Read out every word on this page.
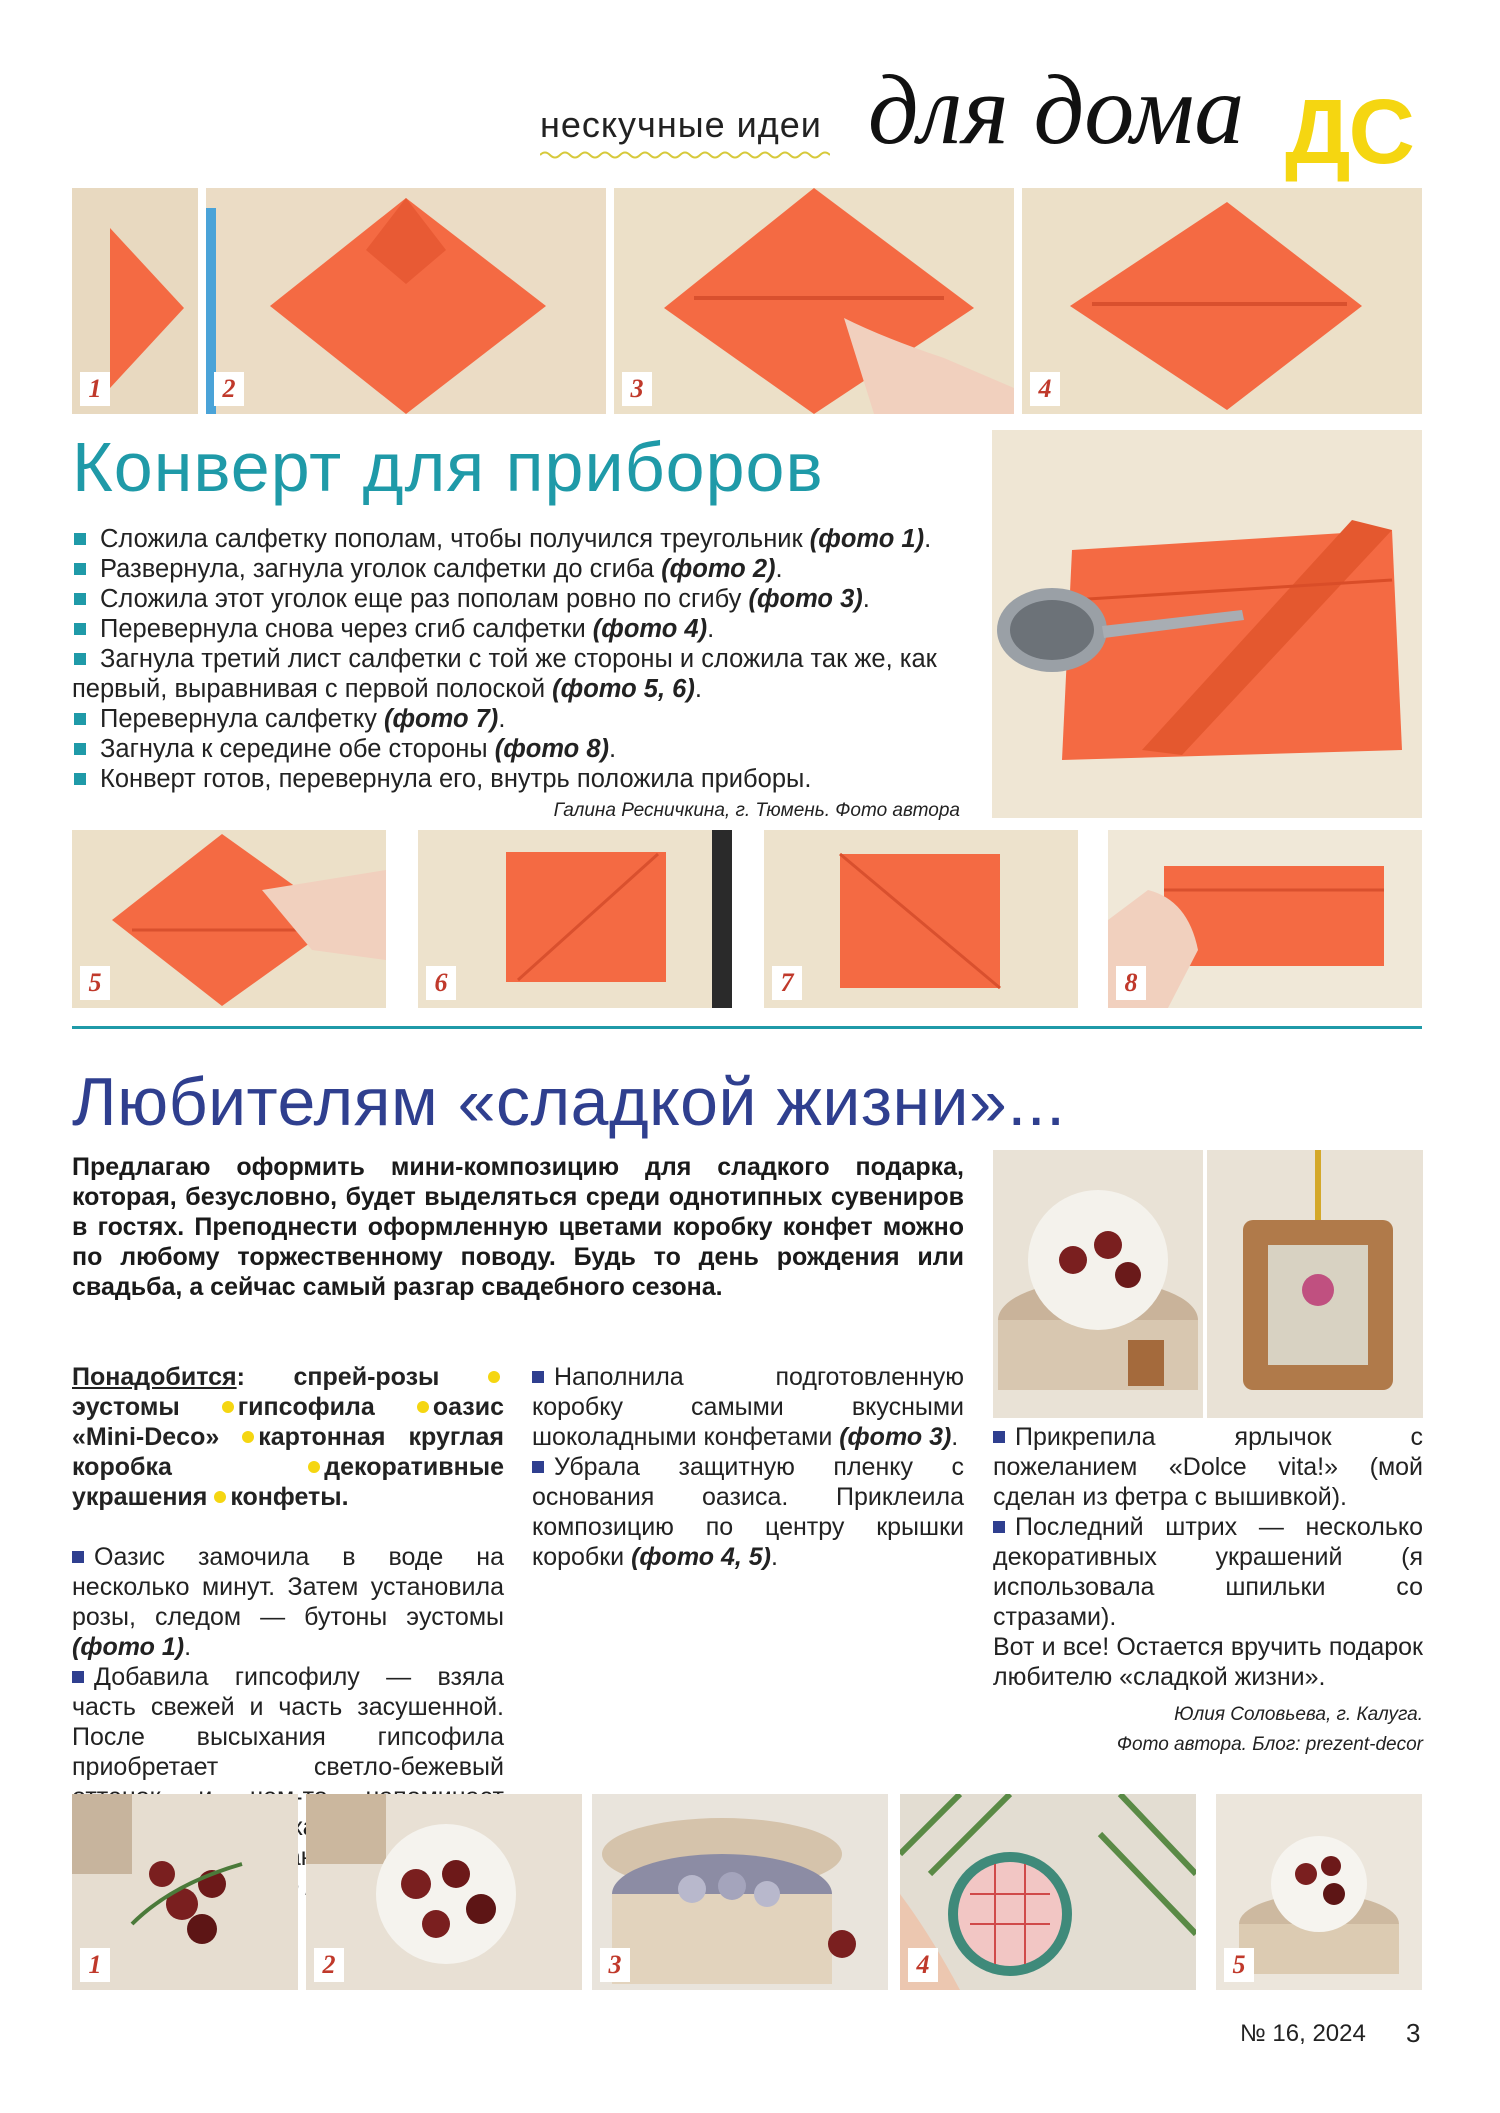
нескучные идеи для дома ДС
1	2	3	4
Конверт для приборов
Сложила салфетку пополам, чтобы получился треугольник (фото 1).
Развернула, загнула уголок салфетки до сгиба (фото 2).
Сложила этот уголок еще раз пополам ровно по сгибу (фото 3).
Перевернула снова через сгиб салфетки (фото 4).
Загнула третий лист салфетки с той же стороны и сложила так же, как первый, выравнивая с первой полоской (фото 5, 6).
Перевернула салфетку (фото 7).
Загнула к середине обе стороны (фото 8).
Конверт готов, перевернула его, внутрь положила приборы.
Галина Ресничкина, г. Тюмень. Фото автора
5	6	7	8
Любителям «сладкой жизни»...
Предлагаю оформить мини-композицию для сладкого подарка, которая, безусловно, будет выделяться среди однотипных сувениров в гостях. Преподнести оформленную цветами коробку конфет можно по любому торжественному поводу. Будь то день рождения или свадьба, а сейчас самый разгар свадебного сезона.

Понадобится: спрей-розы эустомы гипсофила оазис «Mini-Deco» картонная круглая коробка	декоративные украшения конфеты.

Оазис замочила в воде на несколько минут. Затем установила розы, следом — бутоны эустомы (фото 1).

Добавила гипсофилу — взяла часть свежей и часть засушенной. После высыхания гипсофила приобретает светло-бежевый сахар,

Наполнила подготовленную коробку самыми вкусными шоколадными конфетами (фото 3).

Убрала защитную пленку с основания оазиса. Приклеила композицию по центру крышки коробки (фото 4, 5).

Прикрепила ярлычок с пожеланием «Dolce vita!» (мой сделан из фетра с вышивкой).

Последний штрих — несколько декоративных украшений (я использовала шпильки со стразами).

Вот и все! Остается вручить подарок любителю «сладкой жизни».

Юлия Соловьева, г. Калуга.
Фото автора. Блог: prezent-decor
1	2	3	4	5
№ 16, 2024 3
